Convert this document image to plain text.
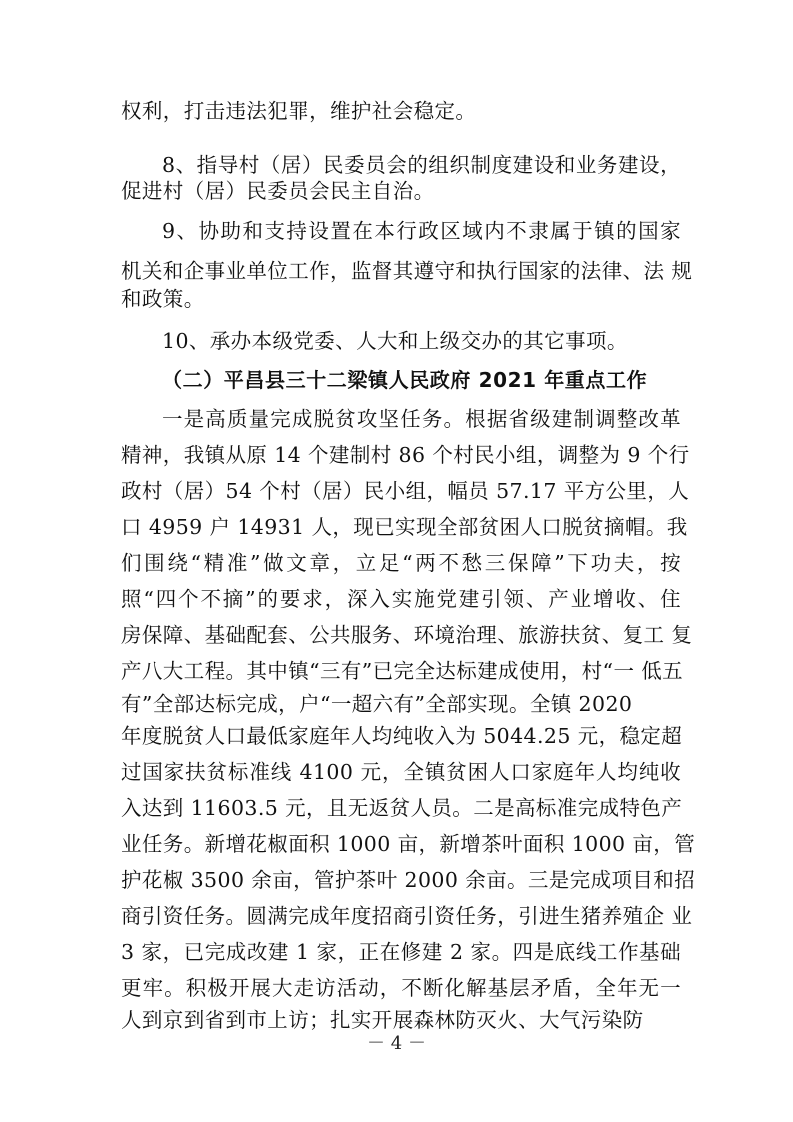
权利，打击违法犯罪，维护社会稳定。
8、指导村（居）民委员会的组织制度建设和业务建设，
促进村（居）民委员会民主自治。
9、协助和支持设置在本行政区域内不隶属于镇的国家
机关和企事业单位工作，监督其遵守和执行国家的法律、法 规
和政策。
10、承办本级党委、人大和上级交办的其它事项。
（二）平昌县三十二梁镇人民政府 2021 年重点工作
一是高质量完成脱贫攻坚任务。根据省级建制调整改革
精神，我镇从原 14 个建制村 86 个村民小组，调整为 9 个行
政村（居）54 个村（居）民小组，幅员 57.17 平方公里，人
口 4959 户 14931 人，现已实现全部贫困人口脱贫摘帽。我
们围绕“精准”做文章，立足“两不愁三保障”下功夫，按
照“四个不摘”的要求，深入实施党建引领、产业增收、住
房保障、基础配套、公共服务、环境治理、旅游扶贫、复工 复
产八大工程。其中镇“三有”已完全达标建成使用，村“一 低五
有”全部达标完成，户“一超六有”全部实现。全镇 2020
年度脱贫人口最低家庭年人均纯收入为 5044.25 元，稳定超
过国家扶贫标准线 4100 元，全镇贫困人口家庭年人均纯收
入达到 11603.5 元，且无返贫人员。二是高标准完成特色产
业任务。新增花椒面积 1000 亩，新增茶叶面积 1000 亩，管
护花椒 3500 余亩，管护茶叶 2000 余亩。三是完成项目和招
商引资任务。圆满完成年度招商引资任务，引进生猪养殖企 业
3 家，已完成改建 1 家，正在修建 2 家。四是底线工作基础
更牢。积极开展大走访活动，不断化解基层矛盾，全年无一
人到京到省到市上访；扎实开展森林防灭火、大气污染防
－ 4 －
